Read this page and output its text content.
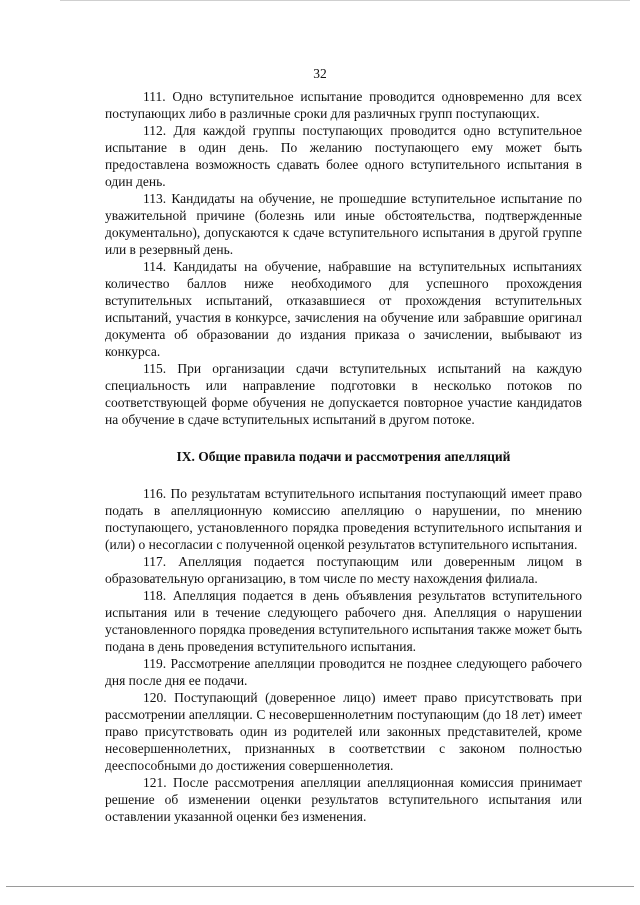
32

111. Одно вступительное испытание проводится одновременно для всех поступающих либо в различные сроки для различных групп поступающих.

112. Для каждой группы поступающих проводится одно вступительное испытание в один день. По желанию поступающего ему может быть предоставлена возможность сдавать более одного вступительного испытания в один день.

113. Кандидаты на обучение, не прошедшие вступительное испытание по уважительной причине (болезнь или иные обстоятельства, подтвержденные документально), допускаются к сдаче вступительного испытания в другой группе или в резервный день.

114. Кандидаты на обучение, набравшие на вступительных испытаниях количество баллов ниже необходимого для успешного прохождения вступительных испытаний, отказавшиеся от прохождения вступительных испытаний, участия в конкурсе, зачисления на обучение или забравшие оригинал документа об образовании до издания приказа о зачислении, выбывают из конкурса.

115. При организации сдачи вступительных испытаний на каждую специальность или направление подготовки в несколько потоков по соответствующей форме обучения не допускается повторное участие кандидатов на обучение в сдаче вступительных испытаний в другом потоке.

IX. Общие правила подачи и рассмотрения апелляций

116. По результатам вступительного испытания поступающий имеет право подать в апелляционную комиссию апелляцию о нарушении, по мнению поступающего, установленного порядка проведения вступительного испытания и (или) о несогласии с полученной оценкой результатов вступительного испытания.

117. Апелляция подается поступающим или доверенным лицом в образовательную организацию, в том числе по месту нахождения филиала.

118. Апелляция подается в день объявления результатов вступительного испытания или в течение следующего рабочего дня. Апелляция о нарушении установленного порядка проведения вступительного испытания также может быть подана в день проведения вступительного испытания.

119. Рассмотрение апелляции проводится не позднее следующего рабочего дня после дня ее подачи.

120. Поступающий (доверенное лицо) имеет право присутствовать при рассмотрении апелляции. С несовершеннолетним поступающим (до 18 лет) имеет право присутствовать один из родителей или законных представителей, кроме несовершеннолетних, признанных в соответствии с законом полностью дееспособными до достижения совершеннолетия.

121. После рассмотрения апелляции апелляционная комиссия принимает решение об изменении оценки результатов вступительного испытания или оставлении указанной оценки без изменения.
